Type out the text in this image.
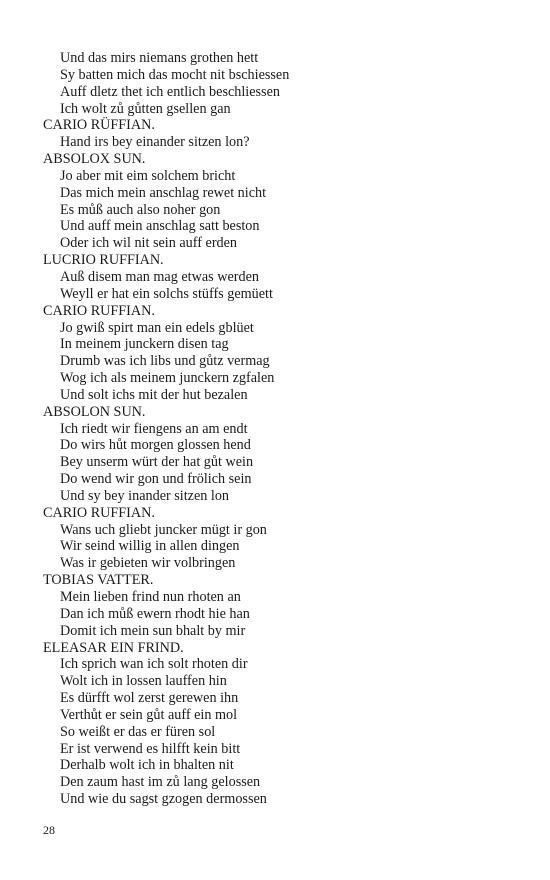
Und das mirs niemans grothen hett
Sy batten mich das mocht nit bschiessen
Auff dletz thet ich entlich beschliessen
Ich wolt zů gůtten gsellen gan
CARIO RÜFFIAN.
Hand irs bey einander sitzen lon?
ABSOLOX SUN.
Jo aber mit eim solchem bricht
Das mich mein anschlag rewet nicht
Es můß auch also noher gon
Und auff mein anschlag satt beston
Oder ich wil nit sein auff erden
LUCRIO RUFFIAN.
Auß disem man mag etwas werden
Weyll er hat ein solchs stüffs gemüett
CARIO RUFFIAN.
Jo gwiß spirt man ein edels gblüet
In meinem junckern disen tag
Drumb was ich libs und gůtz vermag
Wog ich als meinem junckern zgfalen
Und solt ichs mit der hut bezalen
ABSOLON SUN.
Ich riedt wir fiengens an am endt
Do wirs hůt morgen glossen hend
Bey unserm würt der hat gůt wein
Do wend wir gon und frölich sein
Und sy bey inander sitzen lon
CARIO RUFFIAN.
Wans uch gliebt juncker mügt ir gon
Wir seind willig in allen dingen
Was ir gebieten wir volbringen
TOBIAS VATTER.
Mein lieben frind nun rhoten an
Dan ich můß ewern rhodt hie han
Domit ich mein sun bhalt by mir
ELEASAR EIN FRIND.
Ich sprich wan ich solt rhoten dir
Wolt ich in lossen lauffen hin
Es dürfft wol zerst gerewen ihn
Verthůt er sein gůt auff ein mol
So weißt er das er füren sol
Er ist verwend es hilfft kein bitt
Derhalb wolt ich in bhalten nit
Den zaum hast im zů lang gelossen
Und wie du sagst gzogen dermossen
28
